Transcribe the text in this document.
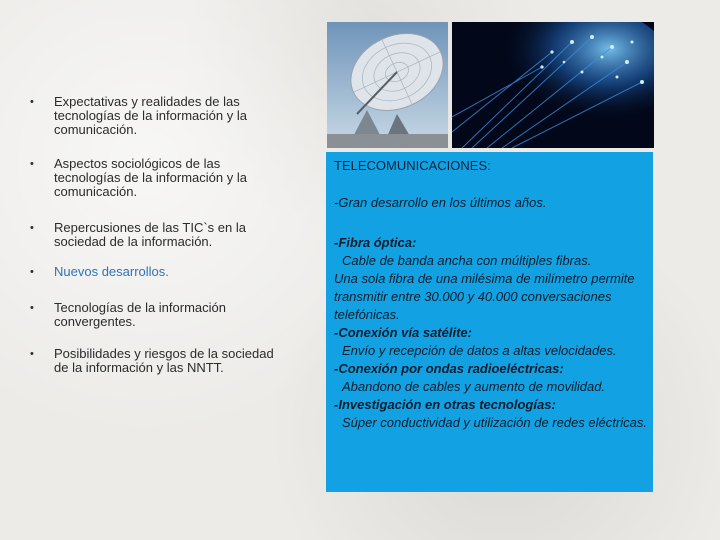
• Expectativas y realidades de las tecnologías de la información y la comunicación.
• Aspectos sociológicos de las tecnologías de la información y la comunicación.
• Repercusiones de las TIC`s en la sociedad de la información.
• Nuevos desarrollos.
• Tecnologías de la información convergentes.
• Posibilidades y riesgos de la sociedad de la información y las NNTT.
TELECOMUNICACIONES:
-Gran desarrollo en los últimos años.
-Fibra óptica:
Cable de banda ancha con múltiples fibras.
Una sola fibra de una milésima de milímetro permite transmitir entre 30.000 y 40.000 conversaciones telefónicas.
-Conexión vía satélite:
Envío y recepción de datos a altas velocidades.
-Conexión por ondas radioeléctricas:
Abandono de cables y aumento de movilidad.
-Investigación en otras tecnologías:
Súper conductividad y utilización de redes eléctricas.
